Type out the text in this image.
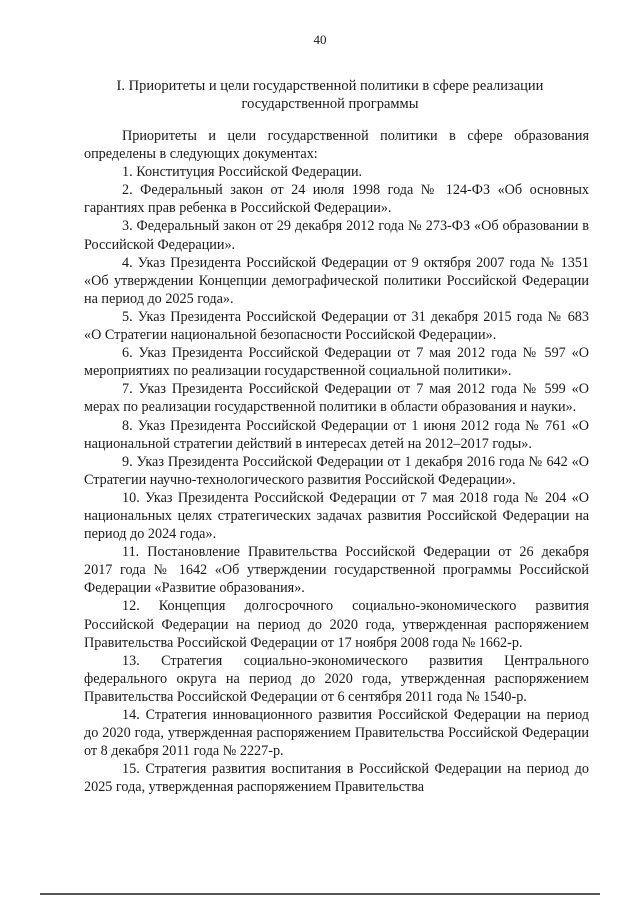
40
I. Приоритеты и цели государственной политики в сфере реализации
государственной программы

Приоритеты и цели государственной политики в сфере образования определены в следующих документах:

1. Конституция Российской Федерации.

2. Федеральный закон от 24 июля 1998 года № 124-ФЗ «Об основных гарантиях прав ребенка в Российской Федерации».

3. Федеральный закон от 29 декабря 2012 года № 273-ФЗ «Об образовании в Российской Федерации».

4. Указ Президента Российской Федерации от 9 октября 2007 года № 1351 «Об утверждении Концепции демографической политики Российской Федерации на период до 2025 года».

5. Указ Президента Российской Федерации от 31 декабря 2015 года № 683 «О Стратегии национальной безопасности Российской Федерации».

6. Указ Президента Российской Федерации от 7 мая 2012 года № 597 «О мероприятиях по реализации государственной социальной политики».

7. Указ Президента Российской Федерации от 7 мая 2012 года № 599 «О мерах по реализации государственной политики в области образования и науки».

8. Указ Президента Российской Федерации от 1 июня 2012 года № 761 «О национальной стратегии действий в интересах детей на 2012–2017 годы».

9. Указ Президента Российской Федерации от 1 декабря 2016 года № 642 «О Стратегии научно-технологического развития Российской Федерации».

10. Указ Президента Российской Федерации от 7 мая 2018 года № 204 «О национальных целях стратегических задачах развития Российской Федерации на период до 2024 года».

11. Постановление Правительства Российской Федерации от 26 декабря 2017 года № 1642 «Об утверждении государственной программы Российской Федерации «Развитие образования».

12. Концепция долгосрочного социально-экономического развития Российской Федерации на период до 2020 года, утвержденная распоряжением Правительства Российской Федерации от 17 ноября 2008 года № 1662-р.

13. Стратегия социально-экономического развития Центрального федерального округа на период до 2020 года, утвержденная распоряжением Правительства Российской Федерации от 6 сентября 2011 года № 1540-р.

14. Стратегия инновационного развития Российской Федерации на период до 2020 года, утвержденная распоряжением Правительства Российской Федерации от 8 декабря 2011 года № 2227-р.

15. Стратегия развития воспитания в Российской Федерации на период до 2025 года, утвержденная распоряжением Правительства
